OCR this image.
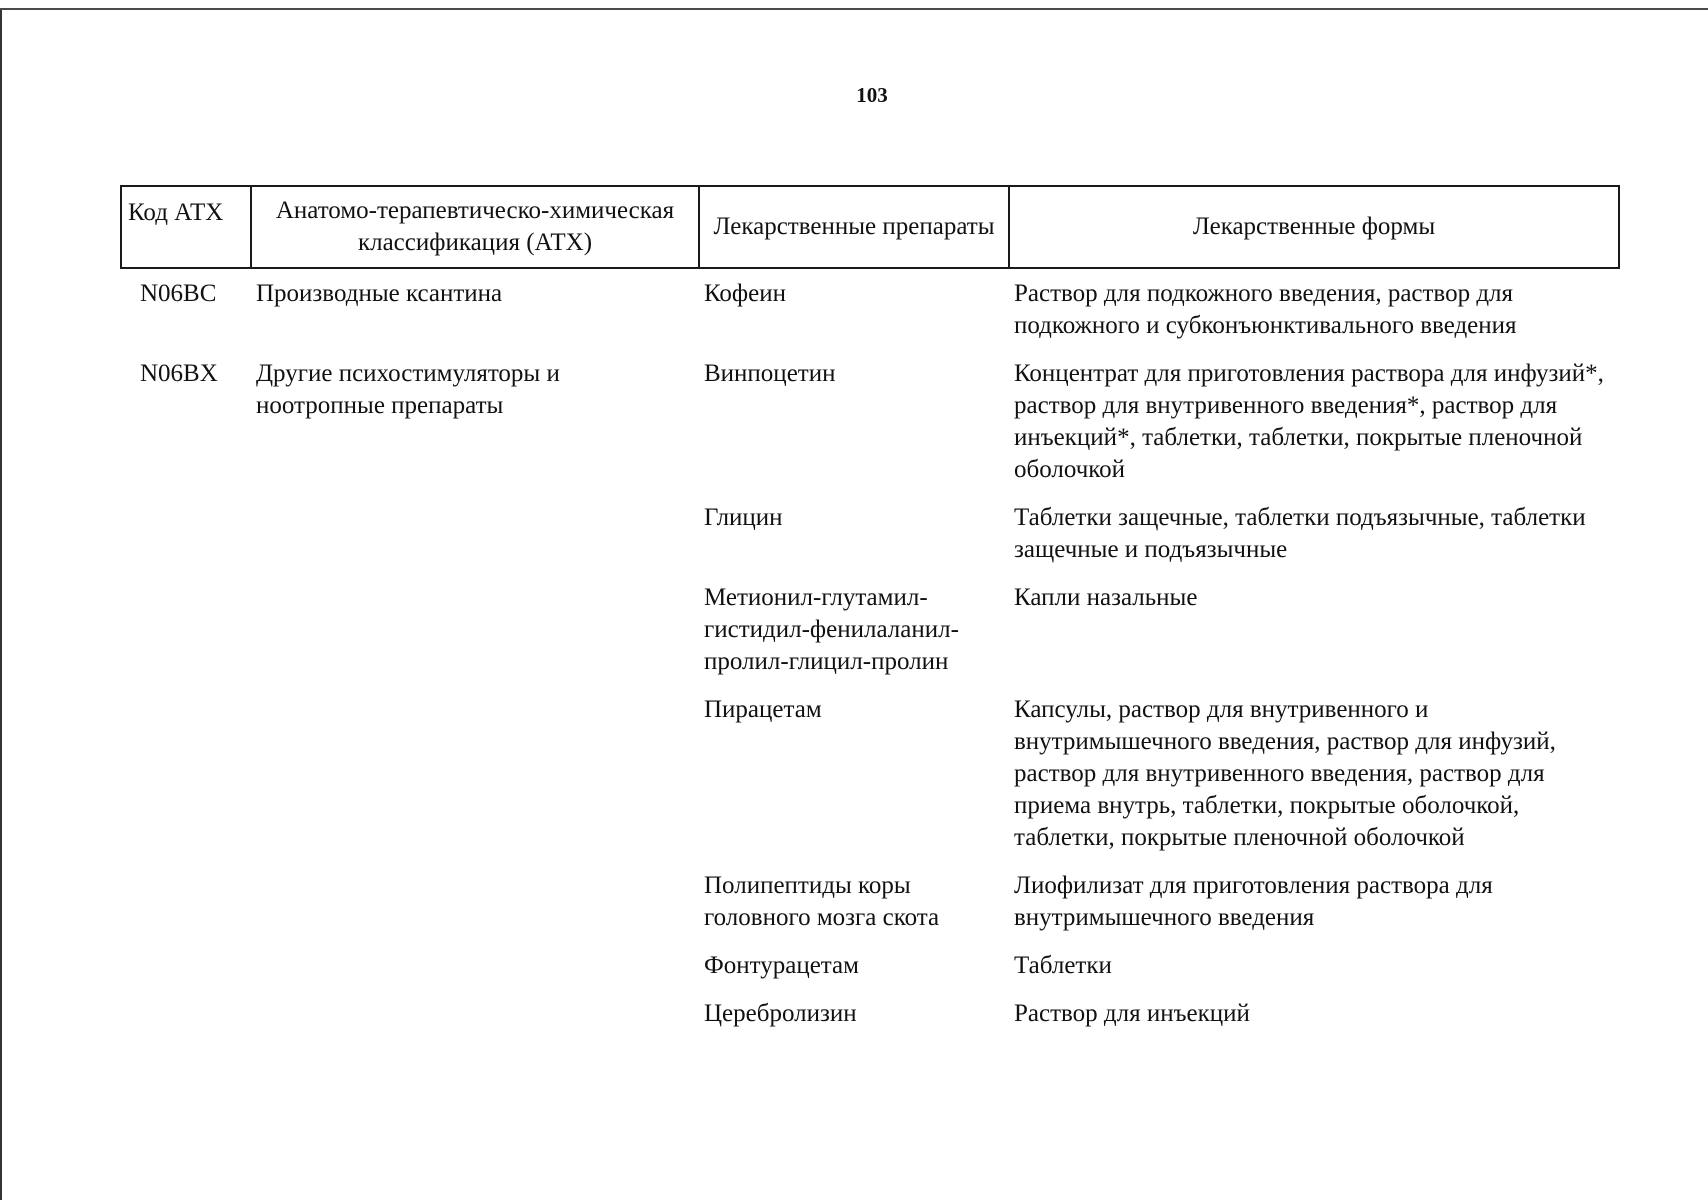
103
Код АТХ	Анатомо-терапевтическо-химическая классификация (АТХ)	Лекарственные препараты	Лекарственные формы
N06BC	Производные ксантина	Кофеин	Раствор для подкожного введения, раствор для подкожного и субконъюнктивального введения
N06BX	Другие психостимуляторы и ноотропные препараты	Винпоцетин	Концентрат для приготовления раствора для инфузий*, раствор для внутривенного введения*, раствор для инъекций*, таблетки, таблетки, покрытые пленочной оболочкой
		Глицин	Таблетки защечные, таблетки подъязычные, таблетки защечные и подъязычные
		Метионил-глутамил-гистидил-фенилаланил-пролил-глицил-пролин	Капли назальные
		Пирацетам	Капсулы, раствор для внутривенного и внутримышечного введения, раствор для инфузий, раствор для внутривенного введения, раствор для приема внутрь, таблетки, покрытые оболочкой, таблетки, покрытые пленочной оболочкой
		Полипептиды коры головного мозга скота	Лиофилизат для приготовления раствора для внутримышечного введения
		Фонтурацетам	Таблетки
		Церебролизин	Раствор для инъекций
